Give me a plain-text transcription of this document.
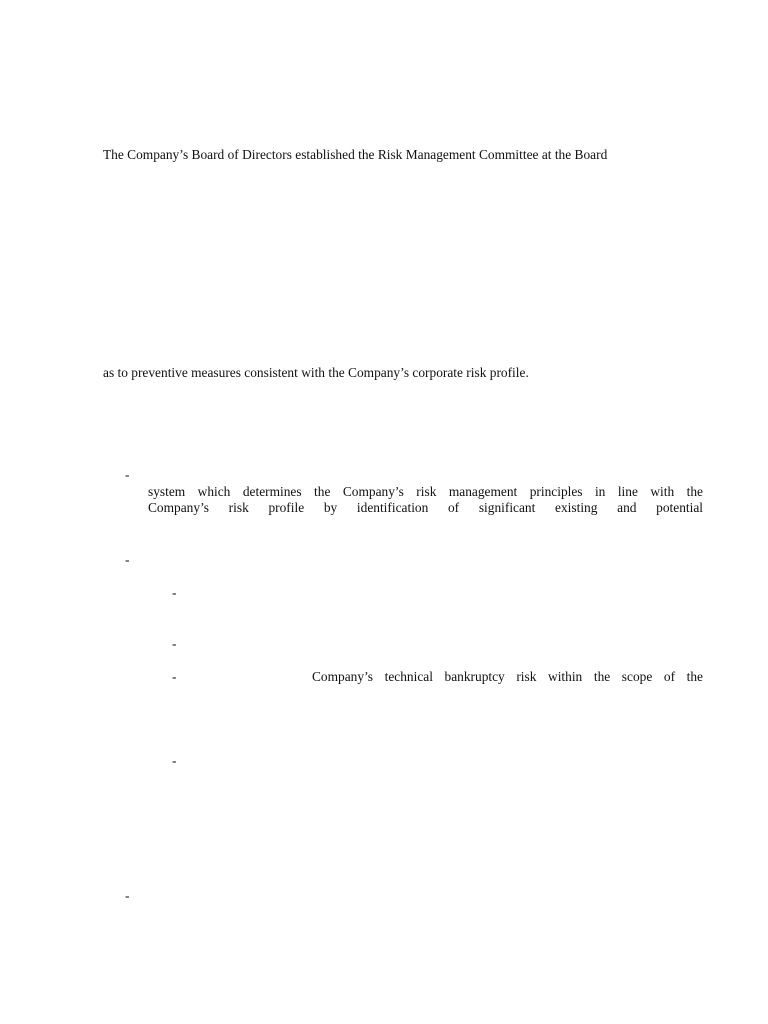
The Company’s Board of Directors established the Risk Management Committee at the Board
as to preventive measures consistent with the Company’s corporate risk profile.
-
system which determines the Company’s risk management principles in line with the
Company’s risk profile by identification of significant existing and potential
-
-
-
-	Company’s technical bankruptcy risk within the scope of the
-
-
